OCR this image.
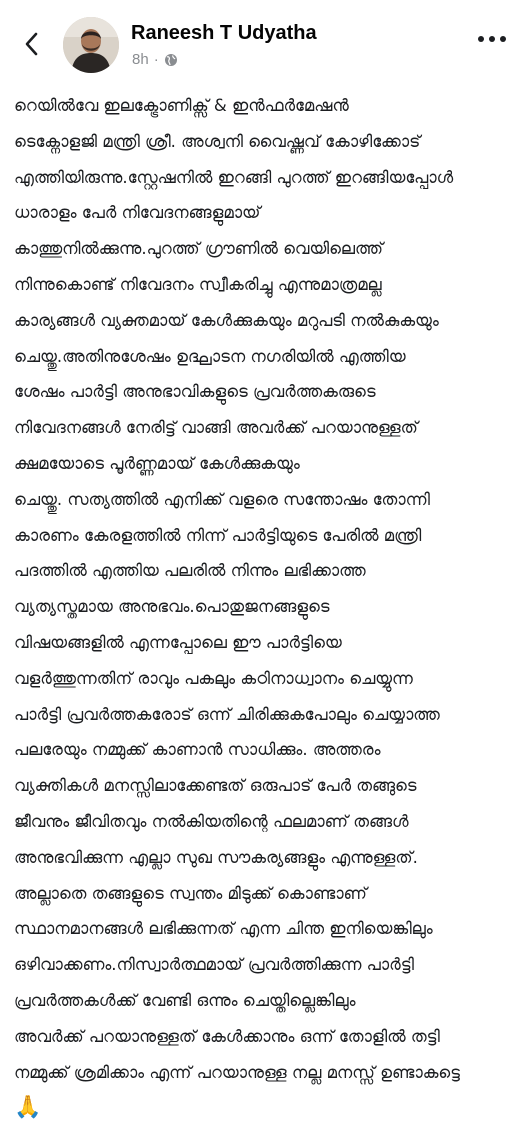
Raneesh T Udyatha
8h ·
റെയിൽവേ ഇലക്ട്രോണിക്സ് & ഇൻഫർമേഷൻ
ടെക്നോളജി മന്ത്രി ശ്രീ. അശ്വനി വൈഷ്ണവ് കോഴിക്കോട്
എത്തിയിരുന്നു.സ്റ്റേഷനിൽ ഇറങ്ങി പുറത്ത് ഇറങ്ങിയപ്പോൾ
ധാരാളം പേർ നിവേദനങ്ങളുമായ്
കാത്തുനിൽക്കുന്നു.പുറത്ത് ഗ്രൗണിൽ വെയിലെത്ത്
നിന്നുകൊണ്ട് നിവേദനം സ്വീകരിച്ചു എന്നുമാത്രമല്ല
കാര്യങ്ങൾ വ്യക്തമായ് കേൾക്കുകയും മറുപടി നൽകുകയും
ചെയ്തു.അതിനുശേഷം ഉദ്ഘാടന നഗരിയിൽ എത്തിയ
ശേഷം പാർട്ടി അനുഭാവികളുടെ പ്രവർത്തകരുടെ
നിവേദനങ്ങൾ നേരിട്ട് വാങ്ങി അവർക്ക് പറയാനുള്ളത്
ക്ഷമയോടെ പൂർണ്ണമായ് കേൾക്കുകയും
ചെയ്തു. സത്യത്തിൽ എനിക്ക് വളരെ സന്തോഷം തോന്നി
കാരണം കേരളത്തിൽ നിന്ന് പാർട്ടിയുടെ പേരിൽ മന്ത്രി
പദത്തിൽ എത്തിയ പലരിൽ നിന്നും ലഭിക്കാത്ത
വ്യത്യസ്തമായ അനുഭവം.പൊതുജനങ്ങളുടെ
വിഷയങ്ങളിൽ എന്നപ്പോലെ ഈ പാർട്ടിയെ
വളർത്തുന്നതിന് രാവും പകലും കഠിനാധ്വാനം ചെയ്യുന്ന
പാർട്ടി പ്രവർത്തകരോട് ഒന്ന് ചിരിക്കുകപോലും ചെയ്യാത്ത
പലരേയും നമ്മുക്ക് കാണാൻ സാധിക്കും. അത്തരം
വ്യക്തികൾ മനസ്സിലാക്കേണ്ടത് ഒരുപാട് പേർ തങ്ങുടെ
ജീവനും ജീവിതവും നൽകിയതിന്റെ ഫലമാണ് തങ്ങൾ
അനുഭവിക്കുന്ന എല്ലാ സുഖ സൗകര്യങ്ങളും എന്നുള്ളത്.
അല്ലാതെ തങ്ങളുടെ സ്വന്തം മിടുക്ക് കൊണ്ടാണ്
സ്ഥാനമാനങ്ങൾ ലഭിക്കുന്നത് എന്ന ചിന്ത ഇനിയെങ്കിലും
ഒഴിവാക്കണം.നിസ്വാർത്ഥമായ് പ്രവർത്തിക്കുന്ന പാർട്ടി
പ്രവർത്തകൾക്ക് വേണ്ടി ഒന്നും ചെയ്തില്ലെങ്കിലും
അവർക്ക് പറയാനുള്ളത് കേൾക്കാനും ഒന്ന് തോളിൽ തട്ടി
നമ്മുക്ക് ശ്രമിക്കാം എന്ന് പറയാനുള്ള നല്ല മനസ്സ് ഉണ്ടാകട്ടെ
🙏
